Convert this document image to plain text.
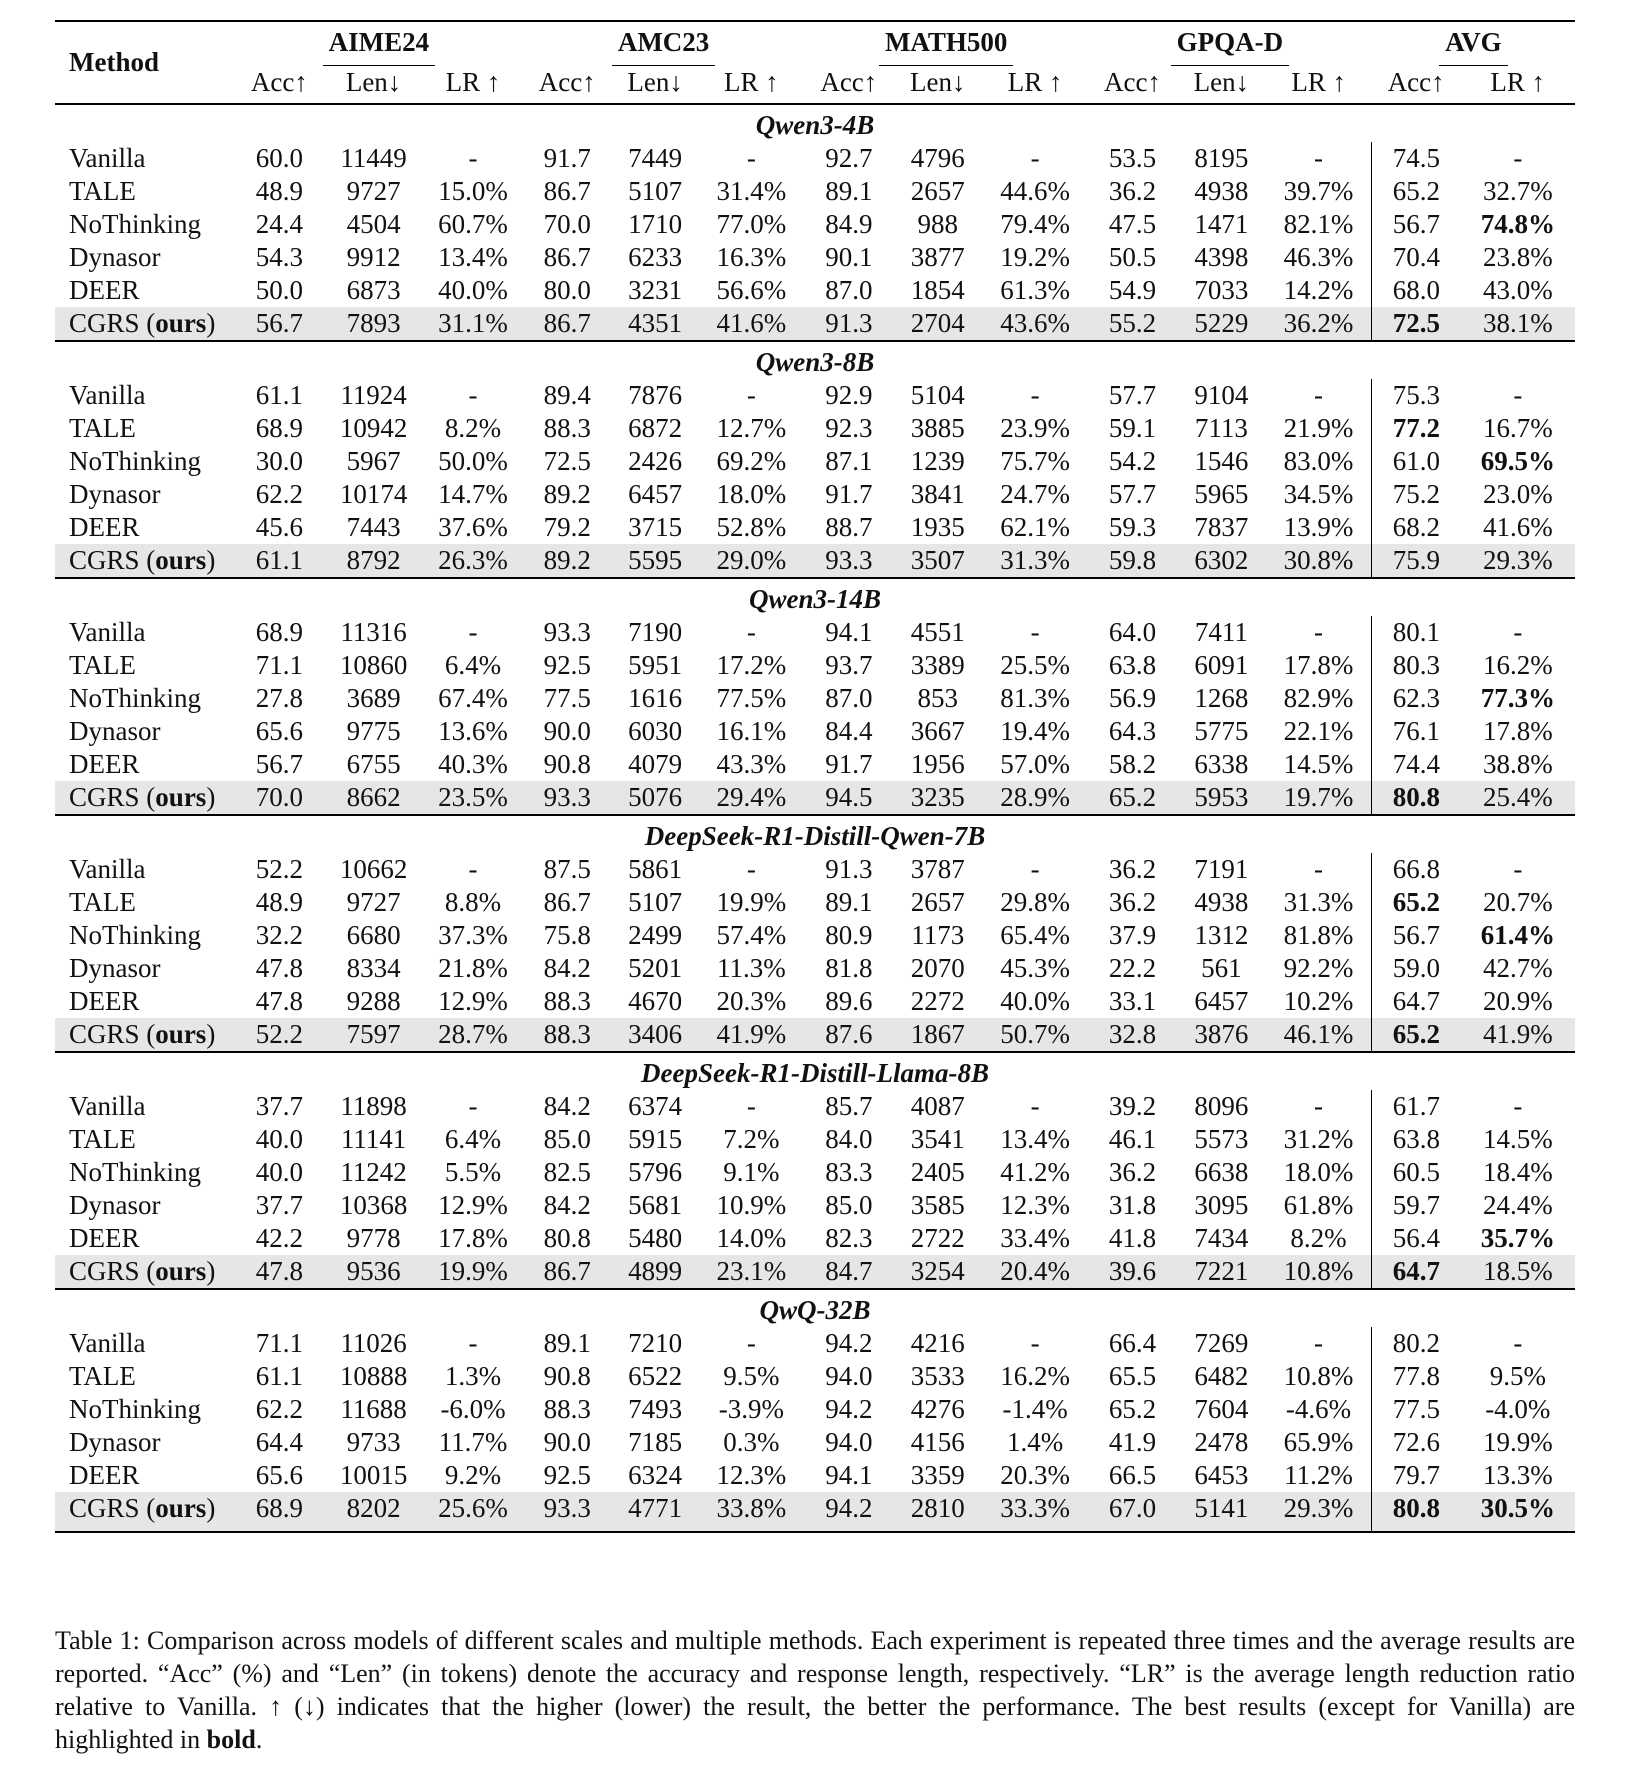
Method	AIME24			AMC23			MATH500			GPQA-D			AVG	
	Acc↑	Len↓	LR ↑	Acc↑	Len↓	LR ↑	Acc↑	Len↓	LR ↑	Acc↑	Len↓	LR ↑	Acc↑	LR ↑
Qwen3-4B														
Vanilla	60.0	11449	-	91.7	7449	-	92.7	4796	-	53.5	8195	-	74.5	-
TALE	48.9	9727	15.0%	86.7	5107	31.4%	89.1	2657	44.6%	36.2	4938	39.7%	65.2	32.7%
NoThinking	24.4	4504	60.7%	70.0	1710	77.0%	84.9	988	79.4%	47.5	1471	82.1%	56.7	74.8%
Dynasor	54.3	9912	13.4%	86.7	6233	16.3%	90.1	3877	19.2%	50.5	4398	46.3%	70.4	23.8%
DEER	50.0	6873	40.0%	80.0	3231	56.6%	87.0	1854	61.3%	54.9	7033	14.2%	68.0	43.0%
CGRS (ours)	56.7	7893	31.1%	86.7	4351	41.6%	91.3	2704	43.6%	55.2	5229	36.2%	72.5	38.1%
Qwen3-8B														
Vanilla	61.1	11924	-	89.4	7876	-	92.9	5104	-	57.7	9104	-	75.3	-
TALE	68.9	10942	8.2%	88.3	6872	12.7%	92.3	3885	23.9%	59.1	7113	21.9%	77.2	16.7%
NoThinking	30.0	5967	50.0%	72.5	2426	69.2%	87.1	1239	75.7%	54.2	1546	83.0%	61.0	69.5%
Dynasor	62.2	10174	14.7%	89.2	6457	18.0%	91.7	3841	24.7%	57.7	5965	34.5%	75.2	23.0%
DEER	45.6	7443	37.6%	79.2	3715	52.8%	88.7	1935	62.1%	59.3	7837	13.9%	68.2	41.6%
CGRS (ours)	61.1	8792	26.3%	89.2	5595	29.0%	93.3	3507	31.3%	59.8	6302	30.8%	75.9	29.3%
Qwen3-14B														
Vanilla	68.9	11316	-	93.3	7190	-	94.1	4551	-	64.0	7411	-	80.1	-
TALE	71.1	10860	6.4%	92.5	5951	17.2%	93.7	3389	25.5%	63.8	6091	17.8%	80.3	16.2%
NoThinking	27.8	3689	67.4%	77.5	1616	77.5%	87.0	853	81.3%	56.9	1268	82.9%	62.3	77.3%
Dynasor	65.6	9775	13.6%	90.0	6030	16.1%	84.4	3667	19.4%	64.3	5775	22.1%	76.1	17.8%
DEER	56.7	6755	40.3%	90.8	4079	43.3%	91.7	1956	57.0%	58.2	6338	14.5%	74.4	38.8%
CGRS (ours)	70.0	8662	23.5%	93.3	5076	29.4%	94.5	3235	28.9%	65.2	5953	19.7%	80.8	25.4%
DeepSeek-R1-Distill-Qwen-7B														
Vanilla	52.2	10662	-	87.5	5861	-	91.3	3787	-	36.2	7191	-	66.8	-
TALE	48.9	9727	8.8%	86.7	5107	19.9%	89.1	2657	29.8%	36.2	4938	31.3%	65.2	20.7%
NoThinking	32.2	6680	37.3%	75.8	2499	57.4%	80.9	1173	65.4%	37.9	1312	81.8%	56.7	61.4%
Dynasor	47.8	8334	21.8%	84.2	5201	11.3%	81.8	2070	45.3%	22.2	561	92.2%	59.0	42.7%
DEER	47.8	9288	12.9%	88.3	4670	20.3%	89.6	2272	40.0%	33.1	6457	10.2%	64.7	20.9%
CGRS (ours)	52.2	7597	28.7%	88.3	3406	41.9%	87.6	1867	50.7%	32.8	3876	46.1%	65.2	41.9%
DeepSeek-R1-Distill-Llama-8B														
Vanilla	37.7	11898	-	84.2	6374	-	85.7	4087	-	39.2	8096	-	61.7	-
TALE	40.0	11141	6.4%	85.0	5915	7.2%	84.0	3541	13.4%	46.1	5573	31.2%	63.8	14.5%
NoThinking	40.0	11242	5.5%	82.5	5796	9.1%	83.3	2405	41.2%	36.2	6638	18.0%	60.5	18.4%
Dynasor	37.7	10368	12.9%	84.2	5681	10.9%	85.0	3585	12.3%	31.8	3095	61.8%	59.7	24.4%
DEER	42.2	9778	17.8%	80.8	5480	14.0%	82.3	2722	33.4%	41.8	7434	8.2%	56.4	35.7%
CGRS (ours)	47.8	9536	19.9%	86.7	4899	23.1%	84.7	3254	20.4%	39.6	7221	10.8%	64.7	18.5%
QwQ-32B														
Vanilla	71.1	11026	-	89.1	7210	-	94.2	4216	-	66.4	7269	-	80.2	-
TALE	61.1	10888	1.3%	90.8	6522	9.5%	94.0	3533	16.2%	65.5	6482	10.8%	77.8	9.5%
NoThinking	62.2	11688	-6.0%	88.3	7493	-3.9%	94.2	4276	-1.4%	65.2	7604	-4.6%	77.5	-4.0%
Dynasor	64.4	9733	11.7%	90.0	7185	0.3%	94.0	4156	1.4%	41.9	2478	65.9%	72.6	19.9%
DEER	65.6	10015	9.2%	92.5	6324	12.3%	94.1	3359	20.3%	66.5	6453	11.2%	79.7	13.3%
CGRS (ours)	68.9	8202	25.6%	93.3	4771	33.8%	94.2	2810	33.3%	67.0	5141	29.3%	80.8	30.5%
Table 1: Comparison across models of different scales and multiple methods. Each experiment is repeated three times and the average results are reported. “Acc” (%) and “Len” (in tokens) denote the accuracy and response length, respectively. “LR” is the average length reduction ratio relative to Vanilla. ↑ (↓) indicates that the higher (lower) the result, the better the performance. The best results (except for Vanilla) are highlighted in bold.
